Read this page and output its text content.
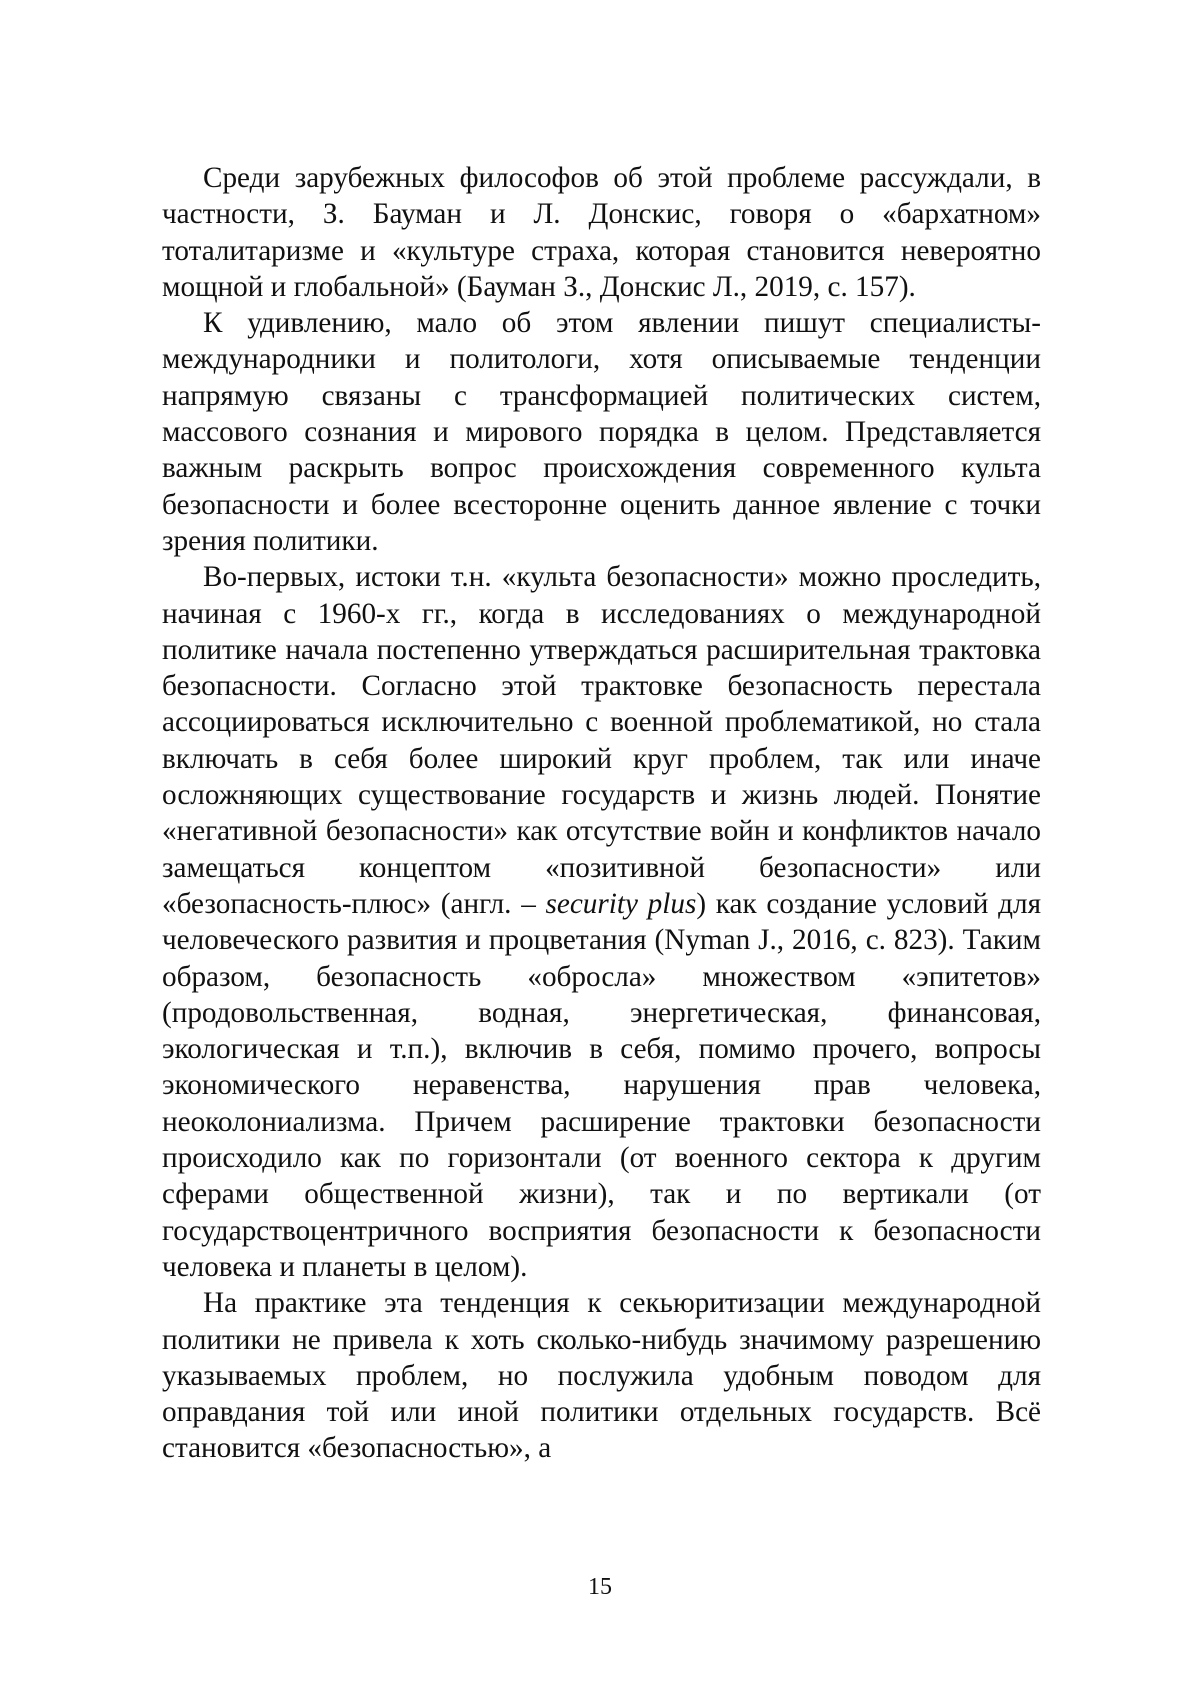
Среди зарубежных философов об этой проблеме рассуждали, в частности, З. Бауман и Л. Донскис, говоря о «бархатном» тоталитаризме и «культуре страха, которая становится невероятно мощной и глобальной» (Бауман З., Донскис Л., 2019, с. 157).

К удивлению, мало об этом явлении пишут специалисты-международники и политологи, хотя описываемые тенденции напрямую связаны с трансформацией политических систем, массового сознания и мирового порядка в целом. Представляется важным раскрыть вопрос происхождения современного культа безопасности и более всесторонне оценить данное явление с точки зрения политики.

Во-первых, истоки т.н. «культа безопасности» можно проследить, начиная с 1960-х гг., когда в исследованиях о международной политике начала постепенно утверждаться расширительная трактовка безопасности. Согласно этой трактовке безопасность перестала ассоциироваться исключительно с военной проблематикой, но стала включать в себя более широкий круг проблем, так или иначе осложняющих существование государств и жизнь людей. Понятие «негативной безопасности» как отсутствие войн и конфликтов начало замещаться концептом «позитивной безопасности» или «безопасность-плюс» (англ. – security plus) как создание условий для человеческого развития и процветания (Nyman J., 2016, с. 823). Таким образом, безопасность «обросла» множеством «эпитетов» (продовольственная, водная, энергетическая, финансовая, экологическая и т.п.), включив в себя, помимо прочего, вопросы экономического неравенства, нарушения прав человека, неоколониализма. Причем расширение трактовки безопасности происходило как по горизонтали (от военного сектора к другим сферами общественной жизни), так и по вертикали (от государствоцентричного восприятия безопасности к безопасности человека и планеты в целом).

На практике эта тенденция к секьюритизации международной политики не привела к хоть сколько-нибудь значимому разрешению указываемых проблем, но послужила удобным поводом для оправдания той или иной политики отдельных государств. Всё становится «безопасностью», а

15
